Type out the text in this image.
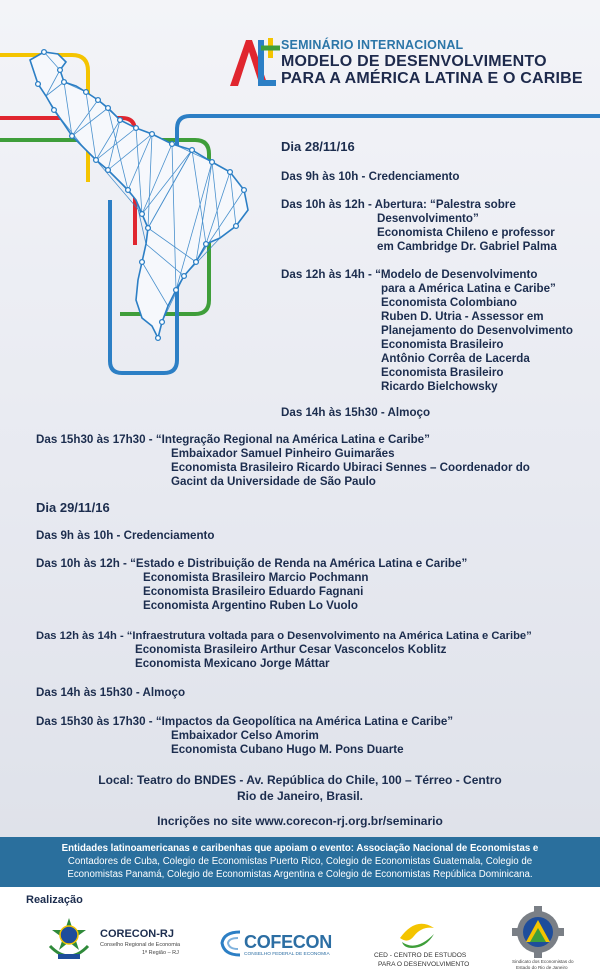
SEMINÁRIO INTERNACIONAL
MODELO DE DESENVOLVIMENTO
PARA A AMÉRICA LATINA E O CARIBE
Dia 28/11/16
Das 9h às 10h - Credenciamento
Das 10h às 12h - Abertura: “Palestra sobre
Desenvolvimento”
Economista Chileno e professor
em Cambridge Dr. Gabriel Palma
Das 12h às 14h - “Modelo de Desenvolvimento
para a América Latina e Caribe”
Economista Colombiano
Ruben D. Utria - Assessor em
Planejamento do Desenvolvimento
Economista Brasileiro
Antônio Corrêa de Lacerda
Economista Brasileiro
Ricardo Bielchowsky
Das 14h às 15h30 - Almoço
Das 15h30 às 17h30 - “Integração Regional na América Latina e Caribe”
Embaixador Samuel Pinheiro Guimarães
Economista Brasileiro Ricardo Ubiraci Sennes – Coordenador do
Gacint da Universidade de São Paulo
Dia 29/11/16
Das 9h às 10h - Credenciamento
Das 10h às 12h - “Estado e Distribuição de Renda na América Latina e Caribe”
Economista Brasileiro Marcio Pochmann
Economista Brasileiro Eduardo Fagnani
Economista Argentino Ruben Lo Vuolo
Das 12h às 14h - “Infraestrutura voltada para o Desenvolvimento na América Latina e Caribe”
Economista Brasileiro Arthur Cesar Vasconcelos Koblitz
Economista Mexicano Jorge Máttar
Das 14h às 15h30 - Almoço
Das 15h30 às 17h30 - “Impactos da Geopolítica na América Latina e Caribe”
Embaixador Celso Amorim
Economista Cubano Hugo M. Pons Duarte
Local: Teatro do BNDES - Av. República do Chile, 100 – Térreo - Centro
Rio de Janeiro, Brasil.
Incrições no site www.corecon-rj.org.br/seminario
Entidades latinoamericanas e caribenhas que apoiam o evento: Associação Nacional de Economistas e
Contadores de Cuba, Colegio de Economistas Puerto Rico, Colegio de Economistas Guatemala, Colegio de
Economistas Panamá, Colegio de Economistas Argentina e Colegio de Economistas República Dominicana.
Realização
CORECON-RJ
Conselho Regional de Economia
1ª Região – RJ
COFECON
CONSELHO FEDERAL DE ECONOMIA	CED - CENTRO DE ESTUDOS
PARA O DESENVOLVIMENTO	Sindicato dos Economistas do
Estado do Rio de Janeiro
